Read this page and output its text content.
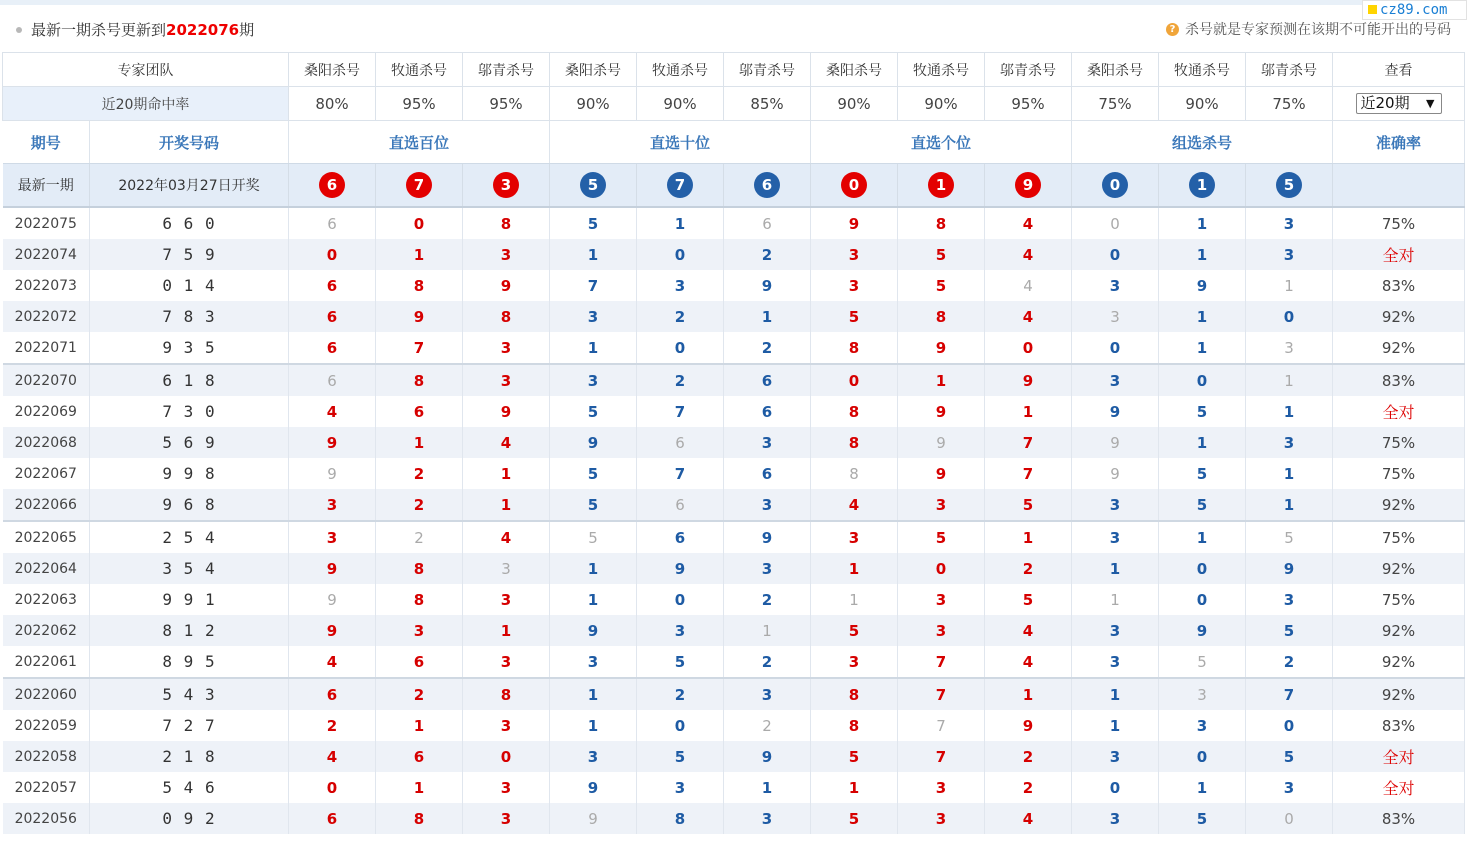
cz89.com
最新一期杀号更新到2022076期	? 杀号就是专家预测在该期不可能开出的号码
专家团队		桑阳杀号	牧通杀号	邬青杀号	桑阳杀号	牧通杀号	邬青杀号	桑阳杀号	牧通杀号	邬青杀号	桑阳杀号	牧通杀号	邬青杀号	查看
近20期命中率		80%	95%	95%	90%	90%	85%	90%	90%	95%	75%	90%	75%	近20期 ▼

期号	开奖号码	直选百位			直选十位			直选个位			组选杀号			准确率
最新一期	2022年03月27日开奖	6	7	3	5	7	6	0	1	9	0	1	5	
2022075	6 6 0	6	0	8	5	1	6	9	8	4	0	1	3	75%
2022074	7 5 9	0	1	3	1	0	2	3	5	4	0	1	3	全对
2022073	0 1 4	6	8	9	7	3	9	3	5	4	3	9	1	83%
2022072	7 8 3	6	9	8	3	2	1	5	8	4	3	1	0	92%
2022071	9 3 5	6	7	3	1	0	2	8	9	0	0	1	3	92%
2022070	6 1 8	6	8	3	3	2	6	0	1	9	3	0	1	83%
2022069	7 3 0	4	6	9	5	7	6	8	9	1	9	5	1	全对
2022068	5 6 9	9	1	4	9	6	3	8	9	7	9	1	3	75%
2022067	9 9 8	9	2	1	5	7	6	8	9	7	9	5	1	75%
2022066	9 6 8	3	2	1	5	6	3	4	3	5	3	5	1	92%
2022065	2 5 4	3	2	4	5	6	9	3	5	1	3	1	5	75%
2022064	3 5 4	9	8	3	1	9	3	1	0	2	1	0	9	92%
2022063	9 9 1	9	8	3	1	0	2	1	3	5	1	0	3	75%
2022062	8 1 2	9	3	1	9	3	1	5	3	4	3	9	5	92%
2022061	8 9 5	4	6	3	3	5	2	3	7	4	3	5	2	92%
2022060	5 4 3	6	2	8	1	2	3	8	7	1	1	3	7	92%
2022059	7 2 7	2	1	3	1	0	2	8	7	9	1	3	0	83%
2022058	2 1 8	4	6	0	3	5	9	5	7	2	3	0	5	全对
2022057	5 4 6	0	1	3	9	3	1	1	3	2	0	1	3	全对
2022056	0 9 2	6	8	3	9	8	3	5	3	4	3	5	0	83%
